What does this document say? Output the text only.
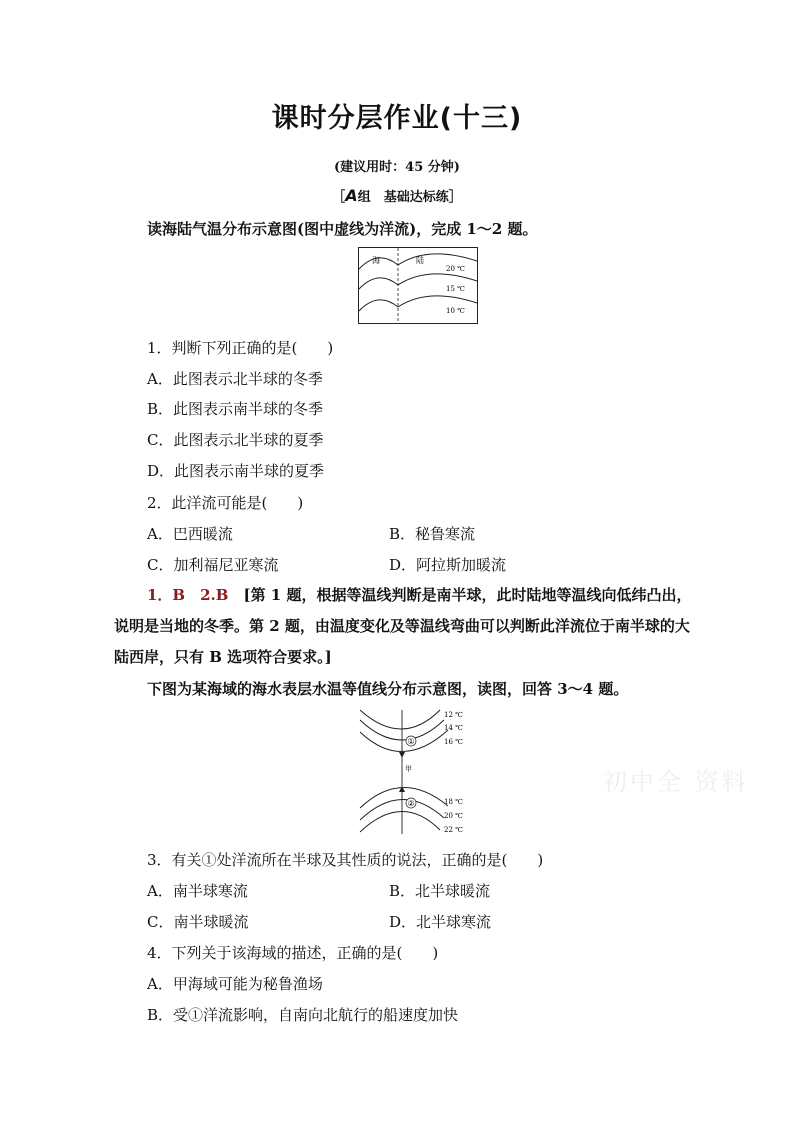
课时分层作业(十三)
(建议用时：45 分钟)
［A组　基础达标练］
读海陆气温分布示意图(图中虚线为洋流)，完成 1～2 题。
海	陆
20 ℃
15 ℃
10 ℃
1．判断下列正确的是(　　)
A．此图表示北半球的冬季
B．此图表示南半球的冬季
C．此图表示北半球的夏季
D．此图表示南半球的夏季
2．此洋流可能是(　　)
A．巴西暖流	B．秘鲁寒流
C．加利福尼亚寒流	D．阿拉斯加暖流
1．B　2.B　 [第 1 题，根据等温线判断是南半球，此时陆地等温线向低纬凸出，说明是当地的冬季。第 2 题，由温度变化及等温线弯曲可以判断此洋流位于南半球的大陆西岸，只有 B 选项符合要求。]
下图为某海域的海水表层水温等值线分布示意图，读图，回答 3～4 题。
①
②
甲
12 ℃
14 ℃
16 ℃
18 ℃
20 ℃
22 ℃
初中全 资料
3．有关①处洋流所在半球及其性质的说法，正确的是(　　)
A．南半球寒流	B．北半球暖流
C．南半球暖流	D．北半球寒流
4．下列关于该海域的描述，正确的是(　　)
A．甲海域可能为秘鲁渔场
B．受①洋流影响，自南向北航行的船速度加快
